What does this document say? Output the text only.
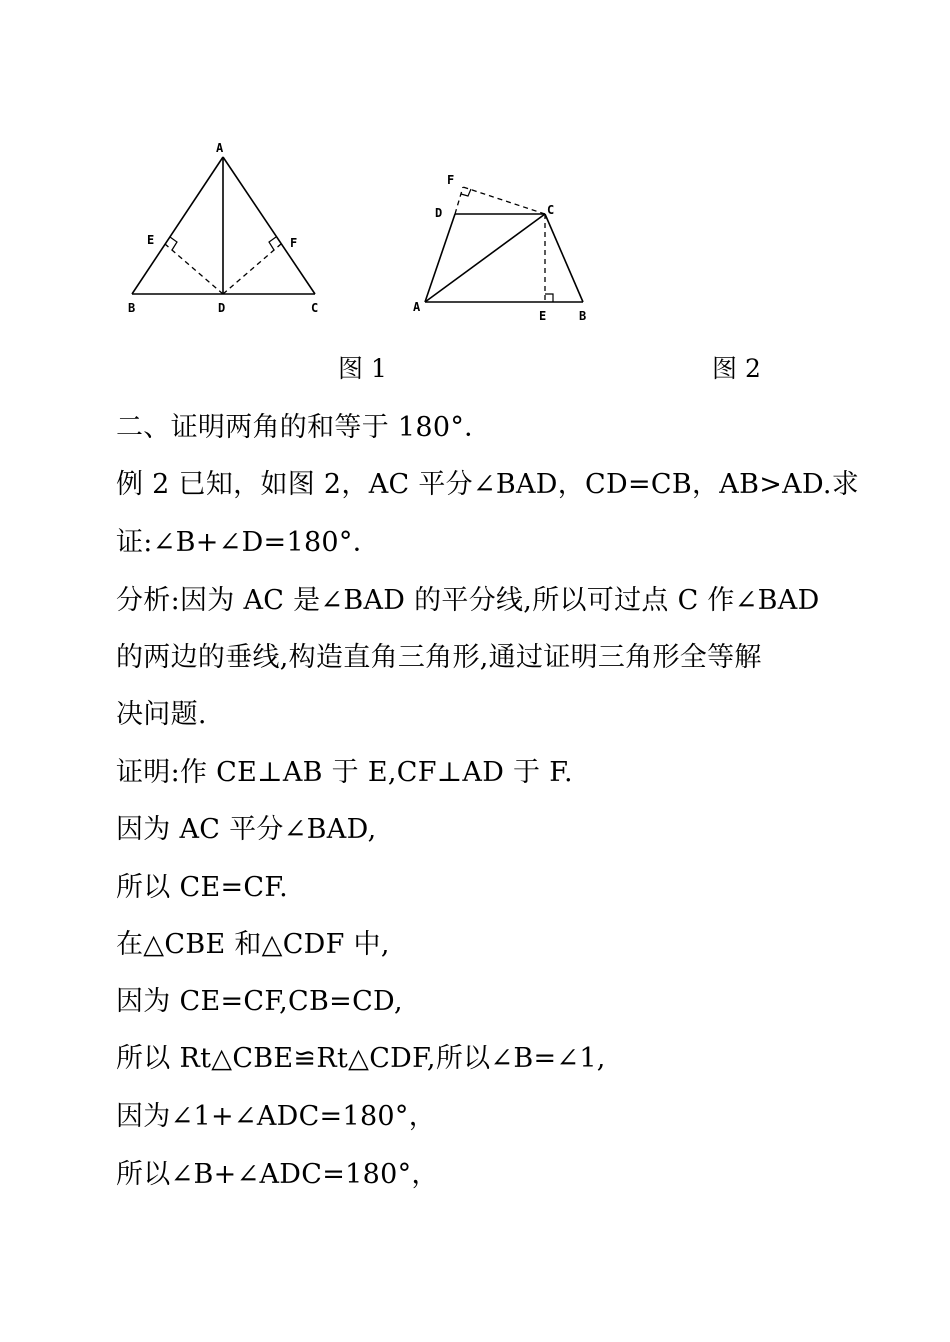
A
B	C
D
E	F
A
B
C
D
E
F
图 1	图 2
二、证明两角的和等于 180°．
例 2 已知，如图 2，AC 平分∠BAD，CD=CB，AB>AD.求
证:∠B+∠D=180°．
分析:因为 AC 是∠BAD 的平分线,所以可过点 C 作∠BAD
的两边的垂线,构造直角三角形,通过证明三角形全等解
决问题.
证明:作 CE⊥AB 于 E,CF⊥AD 于 F.
因为 AC 平分∠BAD,
所以 CE=CF.
在△CBE 和△CDF 中,
因为 CE=CF,CB=CD,
所以 Rt△CBE≌Rt△CDF,所以∠B=∠1,
因为∠1+∠ADC=180°，
所以∠B+∠ADC=180°，
